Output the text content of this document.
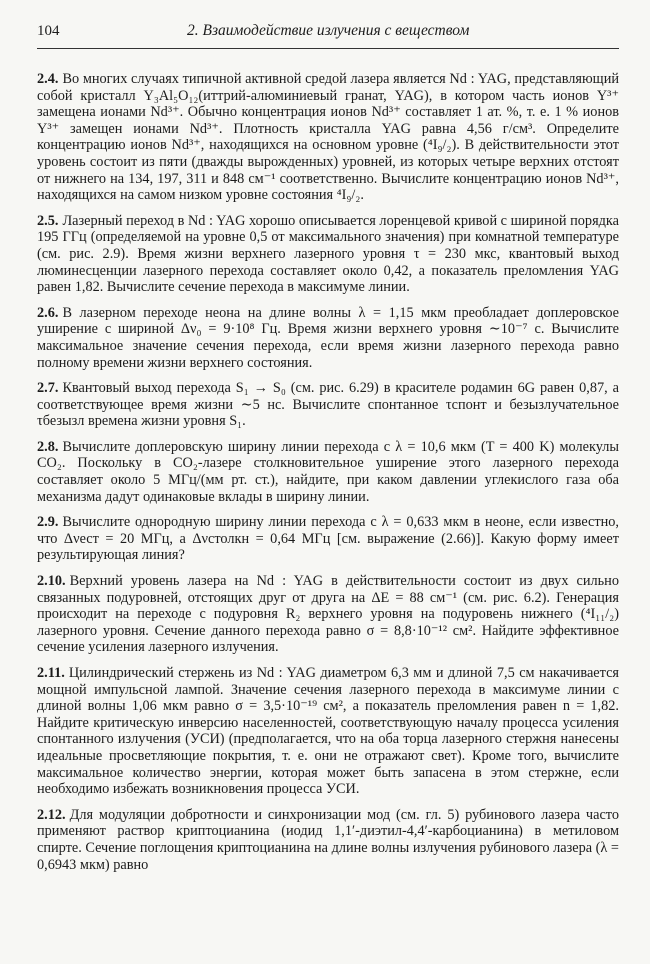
104	2. Взаимодействие излучения с веществом

2.4. Во многих случаях типичной активной средой лазера является Nd : YAG, представляющий собой кристалл Y₃Al₅O₁₂(иттрий-алюминиевый гранат, YAG), в котором часть ионов Y³⁺ замещена ионами Nd³⁺. Обычно концентрация ионов Nd³⁺ составляет 1 ат. %, т. е. 1 % ионов Y³⁺ замещен ионами Nd³⁺. Плотность кристалла YAG равна 4,56 г/см³. Определите концентрацию ионов Nd³⁺, находящихся на основном уровне (⁴I₉/₂). В действительности этот уровень состоит из пяти (дважды вырожденных) уровней, из которых четыре верхних отстоят от нижнего на 134, 197, 311 и 848 см⁻¹ соответственно. Вычислите концентрацию ионов Nd³⁺, находящихся на самом низком уровне состояния ⁴I₉/₂.

2.5. Лазерный переход в Nd : YAG хорошо описывается лоренцевой кривой с шириной порядка 195 ГГц (определяемой на уровне 0,5 от максимального значения) при комнатной температуре (см. рис. 2.9). Время жизни верхнего лазерного уровня τ = 230 мкс, квантовый выход люминесценции лазерного перехода составляет около 0,42, а показатель преломления YAG равен 1,82. Вычислите сечение перехода в максимуме линии.

2.6. В лазерном переходе неона на длине волны λ = 1,15 мкм преобладает доплеровское уширение с шириной Δν₀ = 9·10⁸ Гц. Время жизни верхнего уровня ∼10⁻⁷ с. Вычислите максимальное значение сечения перехода, если время жизни лазерного перехода равно полному времени жизни верхнего состояния.

2.7. Квантовый выход перехода S₁ → S₀ (см. рис. 6.29) в красителе родамин 6G равен 0,87, а соответствующее время жизни ∼5 нс. Вычислите спонтанное τспонт и безызлучательное τбезызл времена жизни уровня S₁.

2.8. Вычислите доплеровскую ширину линии перехода с λ = 10,6 мкм (T = 400 K) молекулы CO₂. Поскольку в CO₂-лазере столкновительное уширение этого лазерного перехода составляет около 5 МГц/(мм рт. ст.), найдите, при каком давлении углекислого газа оба механизма дадут одинаковые вклады в ширину линии.

2.9. Вычислите однородную ширину линии перехода с λ = 0,633 мкм в неоне, если известно, что Δνест = 20 МГц, а Δνстолкн = 0,64 МГц [см. выражение (2.66)]. Какую форму имеет результирующая линия?

2.10. Верхний уровень лазера на Nd : YAG в действительности состоит из двух сильно связанных подуровней, отстоящих друг от друга на ΔE = 88 см⁻¹ (см. рис. 6.2). Генерация происходит на переходе с подуровня R₂ верхнего уровня на подуровень нижнего (⁴I₁₁/₂) лазерного уровня. Сечение данного перехода равно σ = 8,8·10⁻¹² см². Найдите эффективное сечение усиления лазерного излучения.

2.11. Цилиндрический стержень из Nd : YAG диаметром 6,3 мм и длиной 7,5 см накачивается мощной импульсной лампой. Значение сечения лазерного перехода в максимуме линии с длиной волны 1,06 мкм равно σ = 3,5·10⁻¹⁹ см², а показатель преломления равен n = 1,82. Найдите критическую инверсию населенностей, соответствующую началу процесса усиления спонтанного излучения (УСИ) (предполагается, что на оба торца лазерного стержня нанесены идеальные просветляющие покрытия, т. е. они не отражают свет). Кроме того, вычислите максимальное количество энергии, которая может быть запасена в этом стержне, если необходимо избежать возникновения процесса УСИ.

2.12. Для модуляции добротности и синхронизации мод (см. гл. 5) рубинового лазера часто применяют раствор криптоцианина (иодид 1,1′-диэтил-4,4′-карбоцианина) в метиловом спирте. Сечение поглощения криптоцианина на длине волны излучения рубинового лазера (λ = 0,6943 мкм) равно
